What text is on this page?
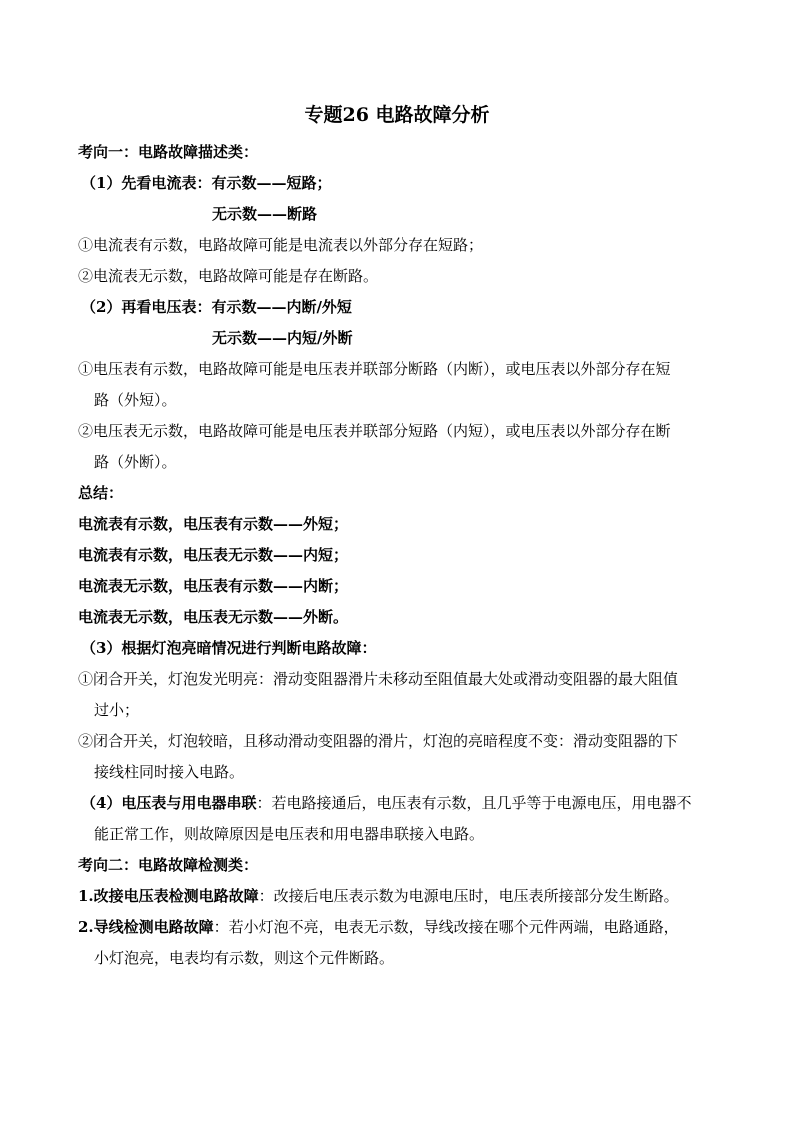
专题26 电路故障分析
考向一：电路故障描述类：
（1）先看电流表：有示数——短路；
无示数——断路
①电流表有示数，电路故障可能是电流表以外部分存在短路；
②电流表无示数，电路故障可能是存在断路。
（2）再看电压表：有示数——内断/外短
无示数——内短/外断
①电压表有示数，电路故障可能是电压表并联部分断路（内断），或电压表以外部分存在短
路（外短）。
②电压表无示数，电路故障可能是电压表并联部分短路（内短），或电压表以外部分存在断
路（外断）。
总结：
电流表有示数，电压表有示数——外短；
电流表有示数，电压表无示数——内短；
电流表无示数，电压表有示数——内断；
电流表无示数，电压表无示数——外断。
（3）根据灯泡亮暗情况进行判断电路故障：
①闭合开关，灯泡发光明亮：滑动变阻器滑片未移动至阻值最大处或滑动变阻器的最大阻值
过小；
②闭合开关，灯泡较暗，且移动滑动变阻器的滑片，灯泡的亮暗程度不变：滑动变阻器的下
接线柱同时接入电路。
（4）电压表与用电器串联：若电路接通后，电压表有示数，且几乎等于电源电压，用电器不
能正常工作，则故障原因是电压表和用电器串联接入电路。
考向二：电路故障检测类：
1.改接电压表检测电路故障：改接后电压表示数为电源电压时，电压表所接部分发生断路。
2.导线检测电路故障：若小灯泡不亮，电表无示数，导线改接在哪个元件两端，电路通路，
小灯泡亮，电表均有示数，则这个元件断路。
